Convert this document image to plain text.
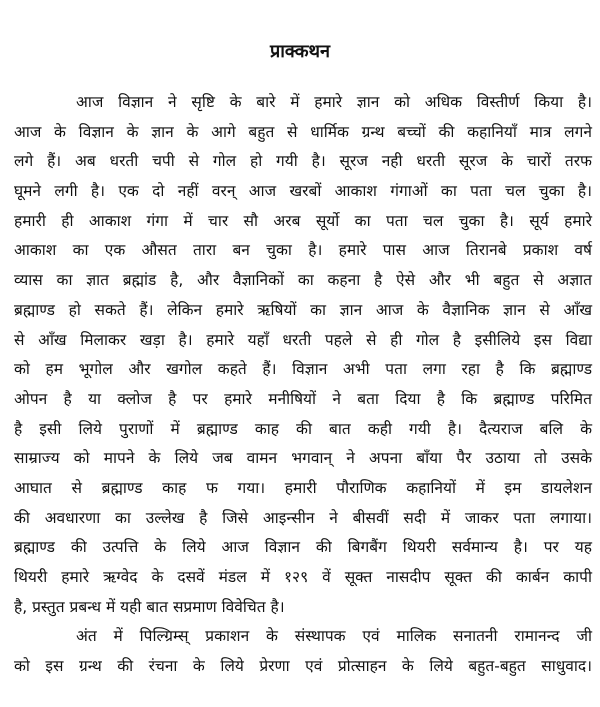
प्राक्कथन
आज विज्ञान ने सृष्टि के बारे में हमारे ज्ञान को अधिक विस्तीर्ण किया है।
आज के विज्ञान के ज्ञान के आगे बहुत से धार्मिक ग्रन्थ बच्चों की कहानियाँ मात्र लगने
लगे हैं। अब धरती चपी से गोल हो गयी है। सूरज नही धरती सूरज के चारों तरफ
घूमने लगी है। एक दो नहीं वरन् आज खरबों आकाश गंगाओं का पता चल चुका है।
हमारी ही आकाश गंगा में चार सौ अरब सूर्यो का पता चल चुका है। सूर्य हमारे
आकाश का एक औसत तारा बन चुका है। हमारे पास आज तिरानबे प्रकाश वर्ष
व्यास का ज्ञात ब्रह्मांड है, और वैज्ञानिकों का कहना है ऐसे और भी बहुत से अज्ञात
ब्रह्माण्ड हो सकते हैं। लेकिन हमारे ऋषियों का ज्ञान आज के वैज्ञानिक ज्ञान से आँख
से आँख मिलाकर खड़ा है। हमारे यहाँ धरती पहले से ही गोल है इसीलिये इस विद्या
को हम भूगोल और खगोल कहते हैं। विज्ञान अभी पता लगा रहा है कि ब्रह्माण्ड
ओपन है या क्लोज है पर हमारे मनीषियों ने बता दिया है कि ब्रह्माण्ड परिमित
है इसी लिये पुराणों में ब्रह्माण्ड काह की बात कही गयी है। दैत्यराज बलि के
साम्राज्य को मापने के लिये जब वामन भगवान् ने अपना बाँया पैर उठाया तो उसके
आघात से ब्रह्माण्ड काह फ गया। हमारी पौराणिक कहानियों में इम डायलेशन
की अवधारणा का उल्लेख है जिसे आइन्सीन ने बीसवीं सदी में जाकर पता लगाया।
ब्रह्माण्ड की उत्पत्ति के लिये आज विज्ञान की बिगबैंग थियरी सर्वमान्य है। पर यह
थियरी हमारे ऋग्वेद के दसवें मंडल में १२९ वें सूक्त नासदीप सूक्त की कार्बन कापी
है, प्रस्तुत प्रबन्ध में यही बात सप्रमाण विवेचित है।
अंत में पिल्ग्रिम्स् प्रकाशन के संस्थापक एवं मालिक सनातनी रामानन्द जी
को इस ग्रन्थ की रंचना के लिये प्रेरणा एवं प्रोत्साहन के लिये बहुत-बहुत साधुवाद।
